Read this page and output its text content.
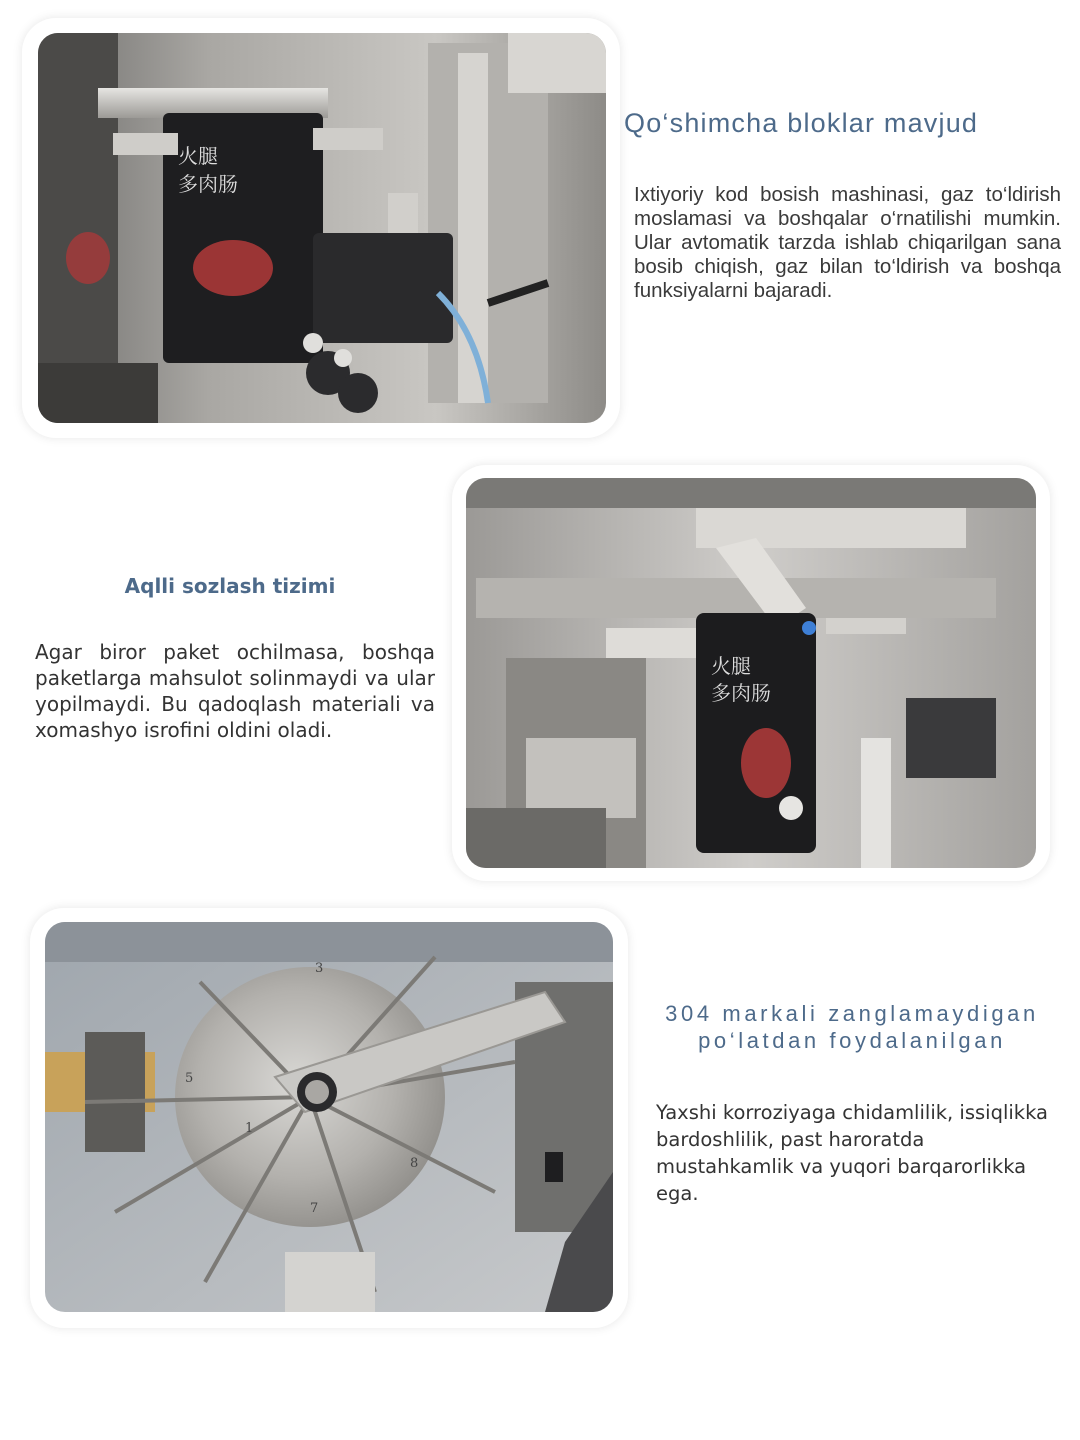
火腿
多肉肠
Qo‘shimcha bloklar mavjud
Ixtiyoriy kod bosish mashinasi, gaz to‘ldirish moslamasi va boshqalar o‘rnatilishi mumkin. Ular avtomatik tarzda ishlab chiqarilgan sana bosib chiqish, gaz bilan to‘ldirish va boshqa funksiyalarni bajaradi.
火腿
多肉肠
Aqlli sozlash tizimi
Agar biror paket ochilmasa, boshqa paketlarga mahsulot solinmaydi va ular yopilmaydi. Bu qadoqlash materiali va xomashyo isrofini oldini oladi.
5
7
8
3
1
304 markali zanglamaydigan po‘latdan foydalanilgan
Yaxshi korroziyaga chidamlilik, issiqlikka bardoshlilik, past haroratda mustahkamlik va yuqori barqarorlikka ega.
